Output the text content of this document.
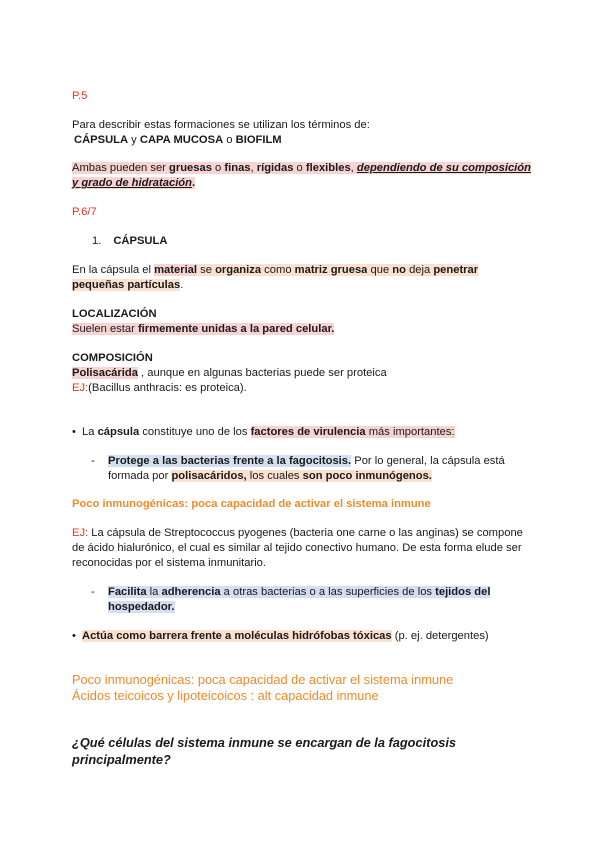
P.5

Para describir estas formaciones se utilizan los términos de:

CÁPSULA y CAPA MUCOSA o BIOFILM

Ambas pueden ser gruesas o finas, rígidas o flexibles, dependiendo de su composición

y grado de hidratación.

P.6/7

1. CÁPSULA

En la cápsula el material se organiza como matriz gruesa que no deja penetrar

pequeñas partículas.

LOCALIZACIÓN

Suelen estar firmemente unidas a la pared celular.

COMPOSICIÓN

Polisacárida , aunque en algunas bacterias puede ser proteica

EJ:(Bacillus anthracis: es proteica).

• La cápsula constituye uno de los factores de virulencia más importantes:

- Protege a las bacterias frente a la fagocitosis. Por lo general, la cápsula está

formada por polisacáridos, los cuales son poco inmunógenos.

Poco inmunogénicas: poca capacidad de activar el sistema inmune

EJ: La cápsula de Streptococcus pyogenes (bacteria one carne o las anginas) se compone

de ácido hialurónico, el cual es similar al tejido conectivo humano. De esta forma elude ser

reconocidas por el sistema inmunitario.

- Facilita la adherencia a otras bacterias o a las superficies de los tejidos del

hospedador.

• Actúa como barrera frente a moléculas hidrófobas tóxicas (p. ej. detergentes)

Poco inmunogénicas: poca capacidad de activar el sistema inmune

Ácidos teicoicos y lipoteicoicos : alt capacidad inmune

¿Qué células del sistema inmune se encargan de la fagocitosis

principalmente?
